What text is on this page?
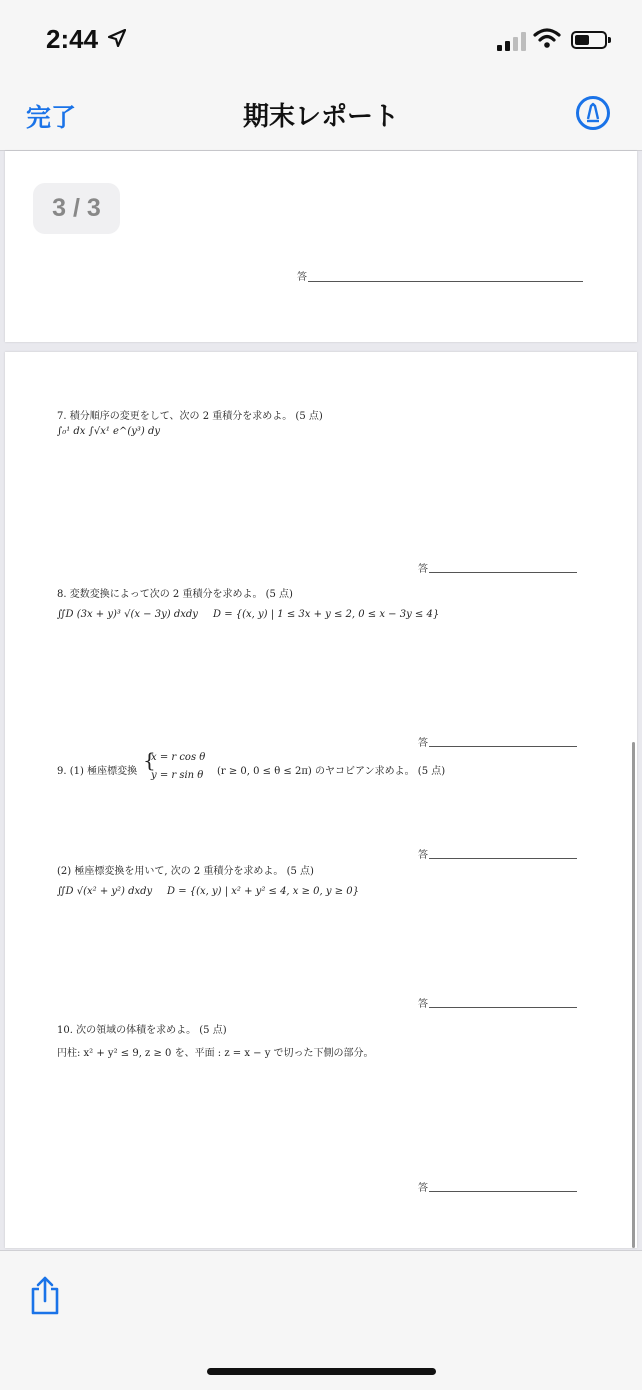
2:44
完了	期末レポート
答
3 / 3
7. 積分順序の変更をして、次の 2 重積分を求めよ。 (5 点)
∫₀¹ dx ∫√x¹ e^(y³) dy
答
8. 変数変換によって次の 2 重積分を求めよ。 (5 点)
∬D (3x + y)³ √(x − 3y) dxdy D = {(x, y) | 1 ≤ 3x + y ≤ 2, 0 ≤ x − 3y ≤ 4}
答
9. (1) 極座標変換 {
x = r cos θ
y = r sin θ (r ≥ 0, 0 ≤ θ ≤ 2π) のヤコビアン求めよ。 (5 点)
答
(2) 極座標変換を用いて, 次の 2 重積分を求めよ。 (5 点)
∬D √(x² + y²) dxdy D = {(x, y) | x² + y² ≤ 4, x ≥ 0, y ≥ 0}
答
10. 次の領域の体積を求めよ。 (5 点)
円柱: x² + y² ≤ 9, z ≥ 0 を、平面 : z = x − y で切った下側の部分。
答
